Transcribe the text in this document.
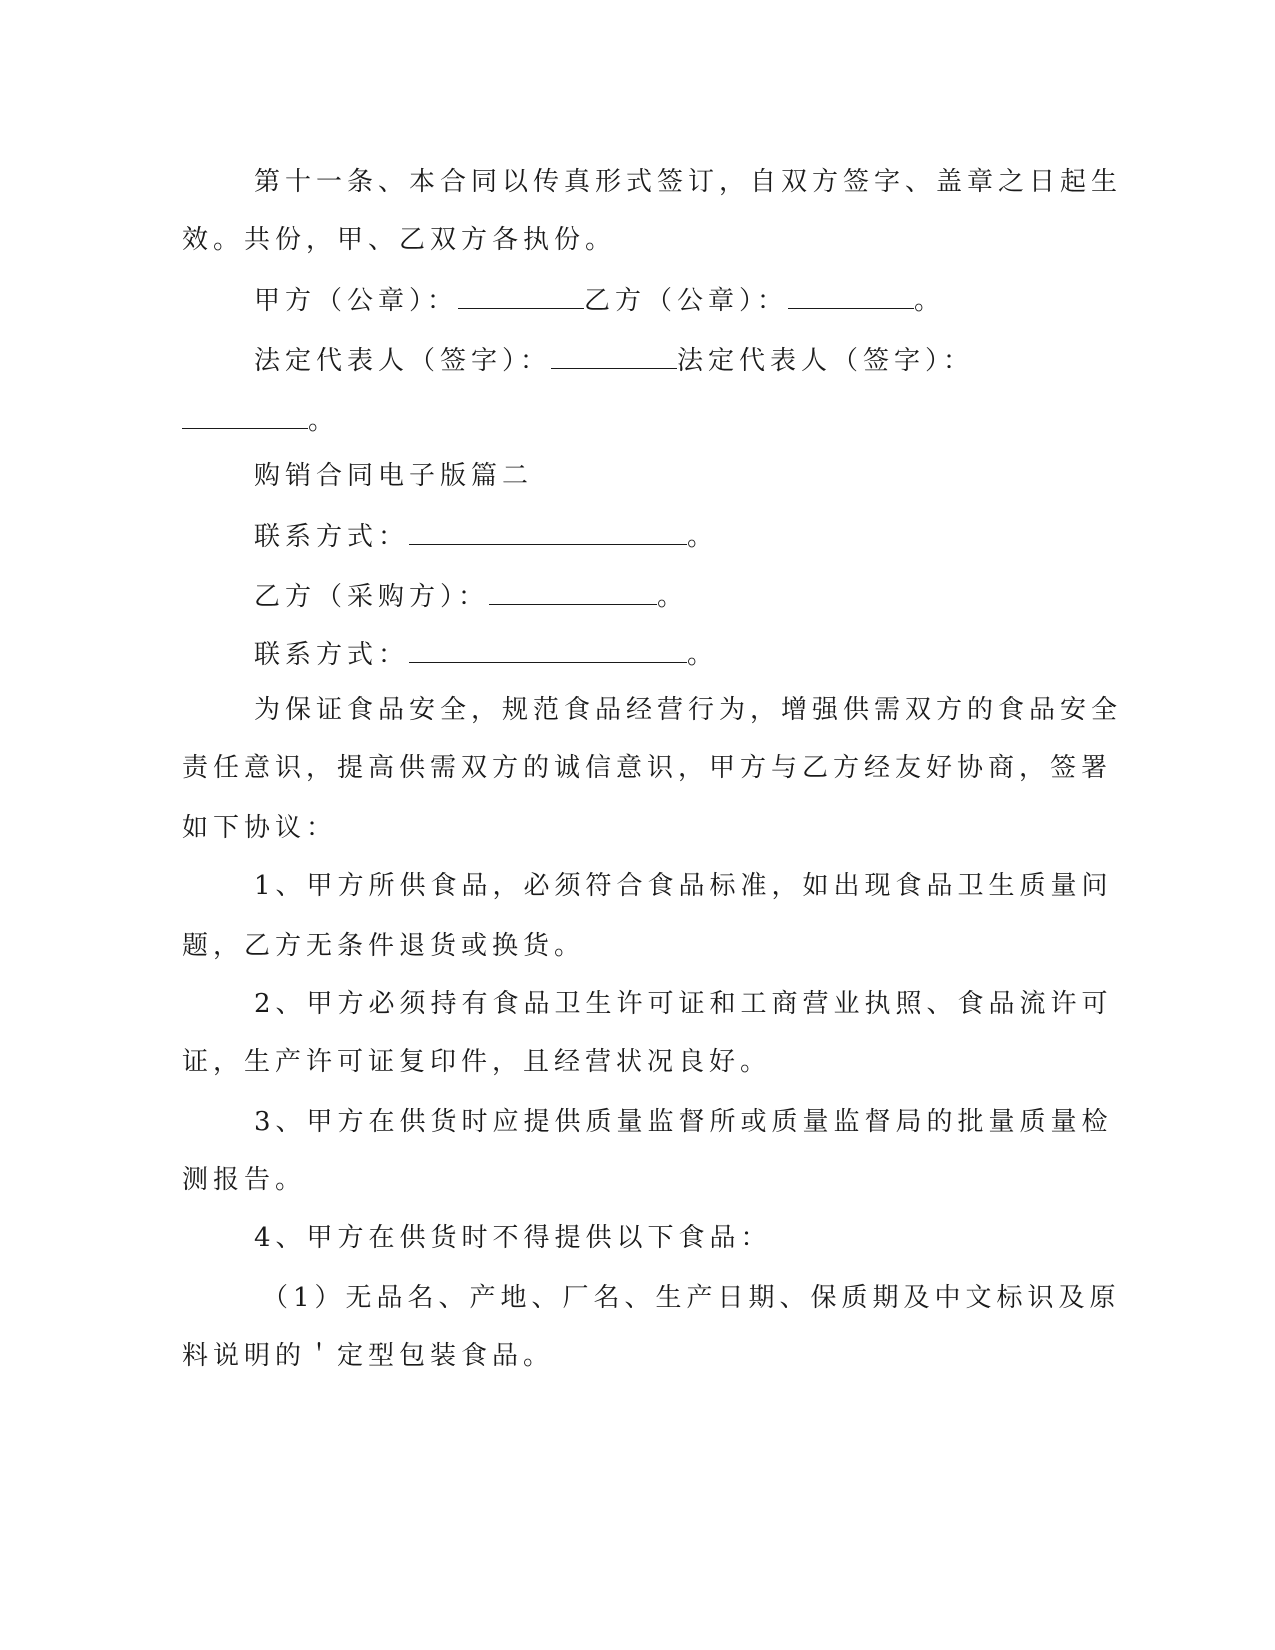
第十一条、本合同以传真形式签订，自双方签字、盖章之日起生
效。共份，甲、乙双方各执份。
甲方（公章）：	乙方（公章）：	。
法定代表人（签字）：	法定代表人（签字）：
。
购销合同电子版篇二
联系方式：	。
乙方（采购方）：	。
联系方式：	。
为保证食品安全，规范食品经营行为，增强供需双方的食品安全
责任意识，提高供需双方的诚信意识，甲方与乙方经友好协商，签署
如下协议：
1、甲方所供食品，必须符合食品标准，如出现食品卫生质量问
题，乙方无条件退货或换货。
2、甲方必须持有食品卫生许可证和工商营业执照、食品流许可
证，生产许可证复印件，且经营状况良好。
3、甲方在供货时应提供质量监督所或质量监督局的批量质量检
测报告。
4、甲方在供货时不得提供以下食品：
（1）无品名、产地、厂名、生产日期、保质期及中文标识及原
料说明的＇定型包装食品。
